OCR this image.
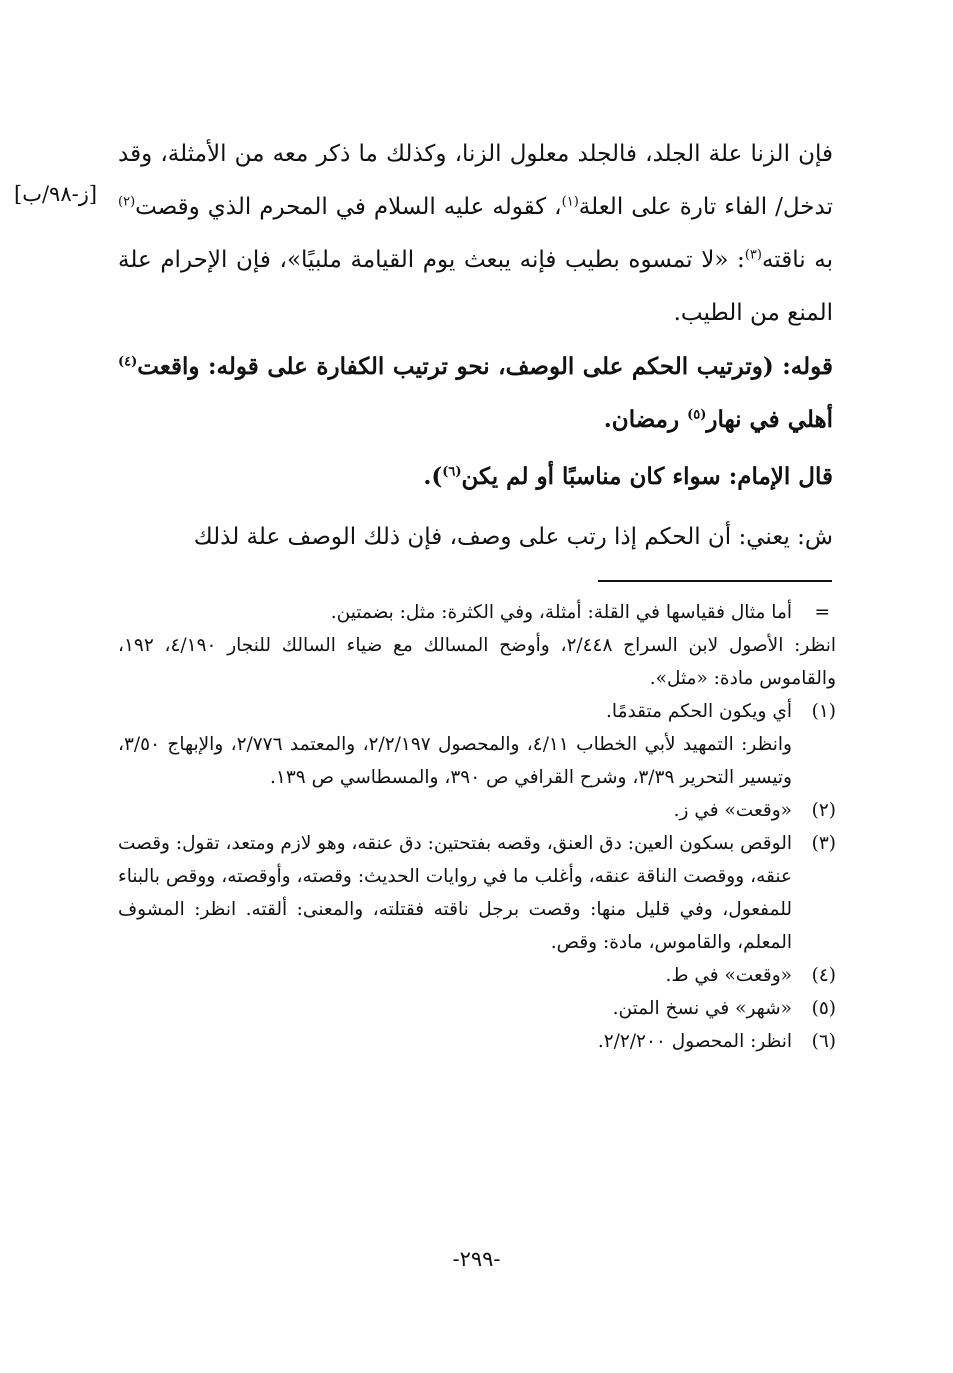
فإن الزنا علة الجلد، فالجلد معلول الزنا، وكذلك ما ذكر معه من الأمثلة، وقد تدخل/ الفاء تارة على العلة$^{(١)}$، كقوله عليه السلام في المحرم الذي وقصت$^{(٢)}$ به ناقته$^{(٣)}$: «لا تمسوه بطيب فإنه يبعث يوم القيامة ملبيًا»، فإن الإحرام علة المنع من الطيب.

قوله: (وترتيب الحكم على الوصف، نحو ترتيب الكفارة على قوله: واقعت$^{(٤)}$ أهلي في نهار$^{(٥)}$ رمضان.

قال الإمام: سواء كان مناسبًا أو لم يكن$^{(٦)}$).

ش: يعني: أن الحكم إذا رتب على وصف، فإن ذلك الوصف علة لذلك

[ز-٩٨/ب]

=
أما مثال فقياسها في القلة: أمثلة، وفي الكثرة: مثل: بضمتين.

انظر: الأصول لابن السراج ٢/٤٤٨، وأوضح المسالك مع ضياء السالك للنجار ٤/١٩٠، ١٩٢، والقاموس مادة: «مثل».

(١)
أي ويكون الحكم متقدمًا.

وانظر: التمهيد لأبي الخطاب ٤/١١، والمحصول ٢/٢/١٩٧، والمعتمد ٢/٧٧٦، والإبهاج ٣/٥٠، وتيسير التحرير ٣/٣٩، وشرح القرافي ص ٣٩٠، والمسطاسي ص ١٣٩.

(٢)
«وقعت» في ز.

(٣)
الوقص بسكون العين: دق العنق، وقصه بفتحتين: دق عنقه، وهو لازم ومتعد، تقول: وقصت عنقه، ووقصت الناقة عنقه، وأغلب ما في روايات الحديث: وقصته، وأوقصته، ووقص بالبناء للمفعول، وفي قليل منها: وقصت برجل ناقته فقتلته، والمعنى: ألقته. انظر: المشوف المعلم، والقاموس، مادة: وقص.

(٤)
«وقعت» في ط.

(٥)
«شهر» في نسخ المتن.

(٦)
انظر: المحصول ٢/٢/٢٠٠.

-٢٩٩-
